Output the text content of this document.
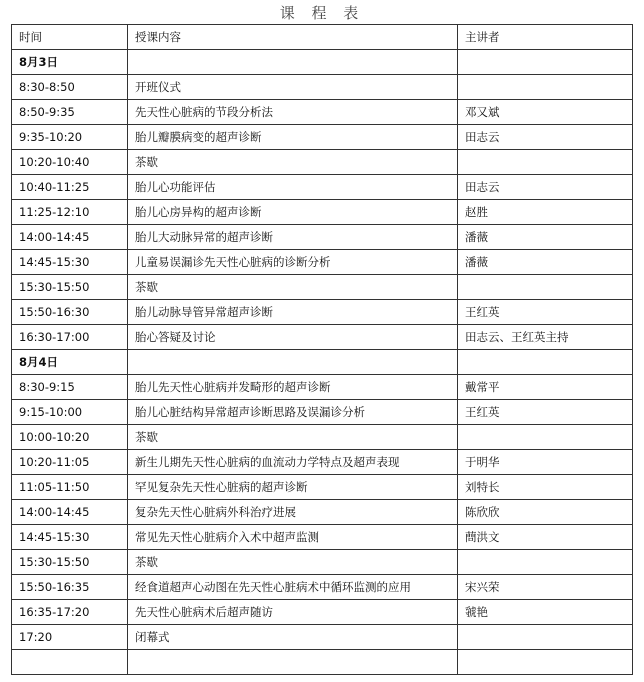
课 程 表
时间	授课内容	主讲者
8月3日		
8:30-8:50	开班仪式	
8:50-9:35	先天性心脏病的节段分析法	邓又斌
9:35-10:20	胎儿瓣膜病变的超声诊断	田志云
10:20-10:40	茶歇	
10:40-11:25	胎儿心功能评估	田志云
11:25-12:10	胎儿心房异构的超声诊断	赵胜
14:00-14:45	胎儿大动脉异常的超声诊断	潘薇
14:45-15:30	儿童易误漏诊先天性心脏病的诊断分析	潘薇
15:30-15:50	茶歇	
15:50-16:30	胎儿动脉导管异常超声诊断	王红英
16:30-17:00	胎心答疑及讨论	田志云、王红英主持
8月4日		
8:30-9:15	胎儿先天性心脏病并发畸形的超声诊断	戴常平
9:15-10:00	胎儿心脏结构异常超声诊断思路及误漏诊分析	王红英
10:00-10:20	茶歇	
10:20-11:05	新生儿期先天性心脏病的血流动力学特点及超声表现	于明华
11:05-11:50	罕见复杂先天性心脏病的超声诊断	刘特长
14:00-14:45	复杂先天性心脏病外科治疗进展	陈欣欣
14:45-15:30	常见先天性心脏病介入术中超声监测	蔄洪文
15:30-15:50	茶歇	
15:50-16:35	经食道超声心动图在先天性心脏病术中循环监测的应用	宋兴荣
16:35-17:20	先天性心脏病术后超声随访	虢艳
17:20	闭幕式	
